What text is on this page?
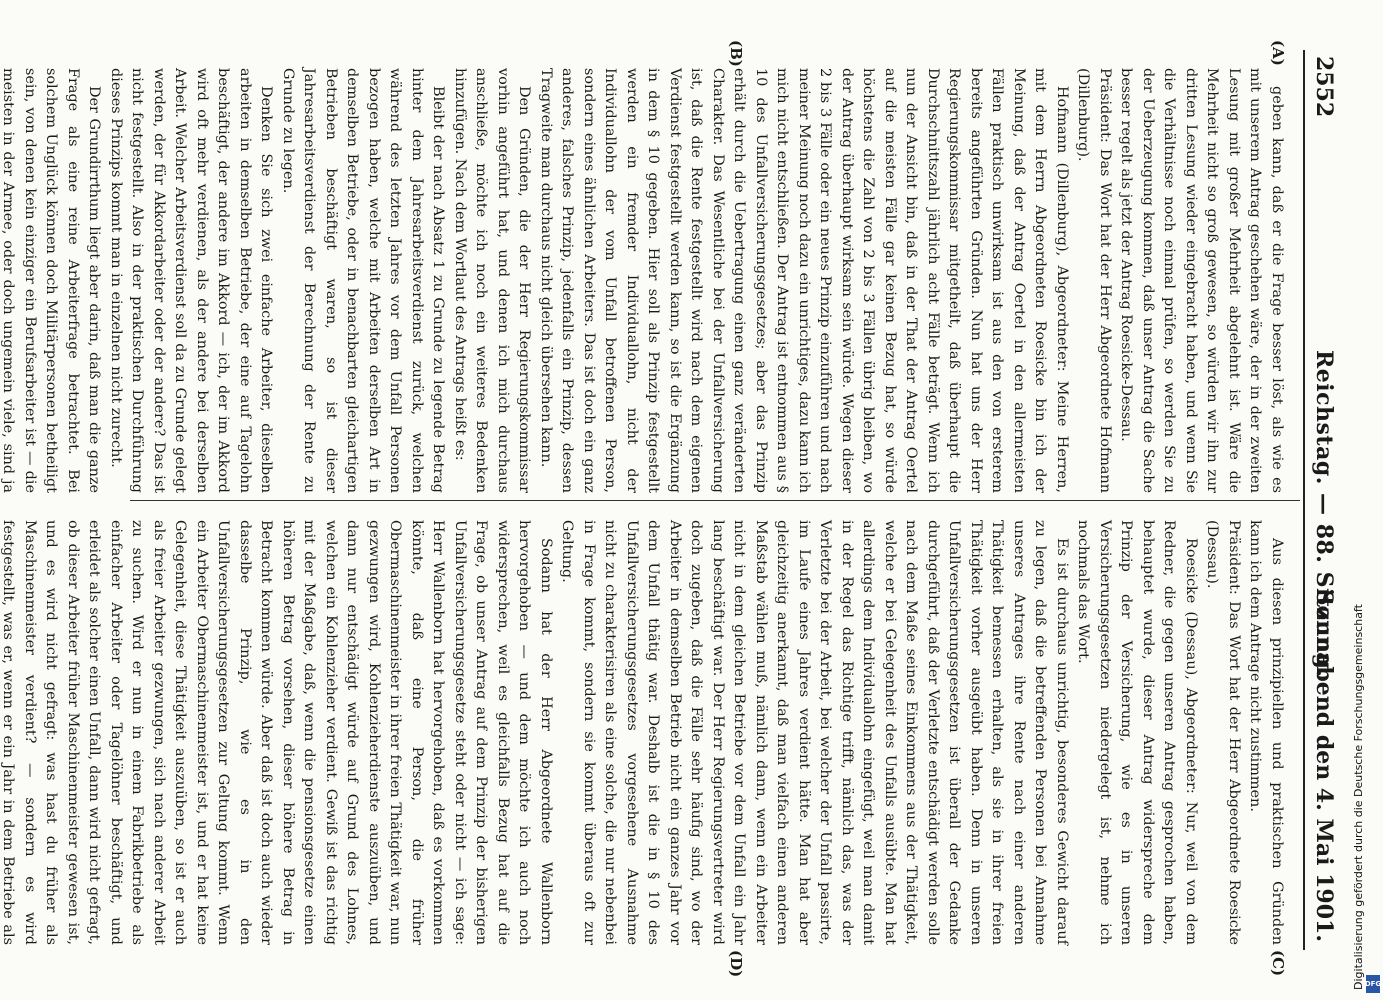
2552
Reichstag. — 88. Sitzung.
Sonnabend den 4. Mai 1901.
(A)
(B)
(C)
(D)

geben kann, daß er die Frage besser löst, als wie es mit unserem Antrag geschehen wäre, der in der zweiten Lesung mit großer Mehrheit abgelehnt ist. Wäre die Mehrheit nicht so groß gewesen, so würden wir ihn zur dritten Lesung wieder eingebracht haben, und wenn Sie die Verhältnisse noch einmal prüfen, so werden Sie zu der Ueberzeugung kommen, daß unser Antrag die Sache besser regelt als jetzt der Antrag Roesicke-Dessau.

Präsident: Das Wort hat der Herr Abgeordnete Hofmann (Dillenburg).

Hofmann (Dillenburg), Abgeordneter: Meine Herren, mit dem Herrn Abgeordneten Roesicke bin ich der Meinung, daß der Antrag Oertel in den allermeisten Fällen praktisch unwirksam ist aus den von ersterem bereits angeführten Gründen. Nun hat uns der Herr Regierungskommissar mitgetheilt, daß überhaupt die Durchschnittszahl jährlich acht Fälle beträgt. Wenn ich nun der Ansicht bin, daß in der That der Antrag Oertel auf die meisten Fälle gar keinen Bezug hat, so würde höchstens die Zahl von 2 bis 3 Fällen übrig bleiben, wo der Antrag überhaupt wirksam sein würde. Wegen dieser 2 bis 3 Fälle oder ein neues Prinzip einzuführen und nach meiner Meinung noch dazu ein unrichtiges, dazu kann ich mich nicht entschließen. Der Antrag ist entnommen aus § 10 des Unfallversicherungsgesetzes; aber das Prinzip erhält durch die Uebertragung einen ganz veränderten Charakter. Das Wesentliche bei der Unfallversicherung ist, daß die Rente festgestellt wird nach dem eigenen Verdienst festgestellt werden kann, so ist die Ergänzung in dem § 10 gegeben. Hier soll als Prinzip festgestellt werden ein fremder Individuallohn, nicht der Individuallohn der vom Unfall betroffenen Person, sondern eines ähnlichen Arbeiters. Das ist doch ein ganz anderes, falsches Prinzip, jedenfalls ein Prinzip, dessen Tragweite man durchaus nicht gleich übersehen kann.

Den Gründen, die der Herr Regierungskommissar vorhin angeführt hat, und denen ich mich durchaus anschließe, möchte ich noch ein weiteres Bedenken hinzufügen. Nach dem Wortlaut des Antrags heißt es:

Bleibt der nach Absatz 1 zu Grunde zu legende Betrag hinter dem Jahresarbeitsverdienst zurück, welchen während des letzten Jahres vor dem Unfall Personen bezogen haben, welche mit Arbeiten derselben Art in demselben Betriebe, oder in benachbarten gleichartigen Betrieben beschäftigt waren, so ist dieser Jahresarbeitsverdienst der Berechnung der Rente zu Grunde zu legen.

Denken Sie sich zwei einfache Arbeiter, dieselben arbeiten in demselben Betriebe, der eine auf Tagelohn beschäftigt, der andere im Akkord — ich, der im Akkord wird oft mehr verdienen, als der andere bei derselben Arbeit. Welcher Arbeitsverdienst soll da zu Grunde gelegt werden, der für Akkordarbeiter oder der andere? Das ist nicht festgestellt. Also in der praktischen Durchführung dieses Prinzips kommt man in einzelnen nicht zurecht.

Der Grundirrthum liegt aber darin, daß man die ganze Frage als eine reine Arbeiterfrage betrachtet. Bei solchem Unglück können doch Militärpersonen betheiligt sein, von denen kein einziger ein Berufsarbeiter ist — die meisten in der Armee, oder doch ungemein viele, sind ja

Aus diesen prinzipiellen und praktischen Gründen kann ich dem Antrage nicht zustimmen.

Präsident: Das Wort hat der Herr Abgeordnete Roesicke (Dessau).

Roesicke (Dessau), Abgeordneter: Nur, weil von dem Redner, die gegen unseren Antrag gesprochen haben, behauptet wurde, dieser Antrag widerspreche dem Prinzip der Versicherung, wie es in unseren Versicherungsgesetzen niedergelegt ist, nehme ich nochmals das Wort.

Es ist durchaus unrichtig, besonderes Gewicht darauf zu legen, daß die betreffenden Personen bei Annahme unseres Antrages ihre Rente nach einer anderen Thätigkeit bemessen erhalten, als sie in ihrer freien Thätigkeit vorher ausgeübt haben. Denn in unseren Unfallversicherungsgesetzen ist überall der Gedanke durchgeführt, daß der Verletzte entschädigt werden solle nach dem Maße seines Einkommens aus der Thätigkeit, welche er bei Gelegenheit des Unfalls ausübte. Man hat allerdings dem Individuallohn eingefügt, weil man damit in der Regel das Richtige trifft, nämlich das, was der Verletzte bei der Arbeit, bei welcher der Unfall passirte, im Laufe eines Jahres verdient hätte. Man hat aber gleichzeitig anerkannt, daß man vielfach einen anderen Maßstab wählen muß, nämlich dann, wenn ein Arbeiter nicht in dem gleichen Betriebe vor dem Unfall ein Jahr lang beschäftigt war. Der Herr Regierungsvertreter wird doch zugeben, daß die Fälle sehr häufig sind, wo der Arbeiter in demselben Betrieb nicht ein ganzes Jahr vor dem Unfall thätig war. Deshalb ist die in § 10 des Unfallversicherungsgesetzes vorgesehene Ausnahme nicht zu charakterisiren als eine solche, die nur nebenbei in Frage kommt, sondern sie kommt überaus oft zur Geltung.

Sodann hat der Herr Abgeordnete Wallenborn hervorgehoben — und dem möchte ich auch noch widersprechen, weil es gleichfalls Bezug hat auf die Frage, ob unser Antrag auf dem Prinzip der bisherigen Unfallversicherungsgesetze steht oder nicht — ich sage: Herr Wallenborn hat hervorgehoben, daß es vorkommen könnte, daß eine Person, die früher Obermaschinenmeister in ihrer freien Thätigkeit war, nun gezwungen wird, Kohlenzieherdienste auszuüben, und dann nur entschädigt würde auf Grund des Lohnes, welchen ein Kohlenzieher verdient. Gewiß ist das richtig mit der Maßgabe, daß, wenn die pensionsgesetze einen höheren Betrag vorsehen, dieser höhere Betrag in Betracht kommen würde. Aber daß ist doch auch wieder dasselbe Prinzip, wie es in den Unfallversicherungsgesetzen zur Geltung kommt. Wenn ein Arbeiter Obermaschinenmeister ist, und er hat keine Gelegenheit, diese Thätigkeit auszuüben, so ist er auch als freier Arbeiter gezwungen, sich nach anderer Arbeit zu suchen. Wird er nun in einem Fabrikbetriebe als einfacher Arbeiter oder Tagelöhner beschäftigt, und erleidet als solcher einen Unfall, dann wird nicht gefragt, ob dieser Arbeiter früher Maschinenmeister gewesen ist, und es wird nicht gefragt: was hast du früher als Maschinenmeister verdient? — sondern es wird festgestellt, was er, wenn er ein Jahr in dem Betriebe als	Digitalisierung gefördert durch die Deutsche Forschungsgemeinschaft DFG
